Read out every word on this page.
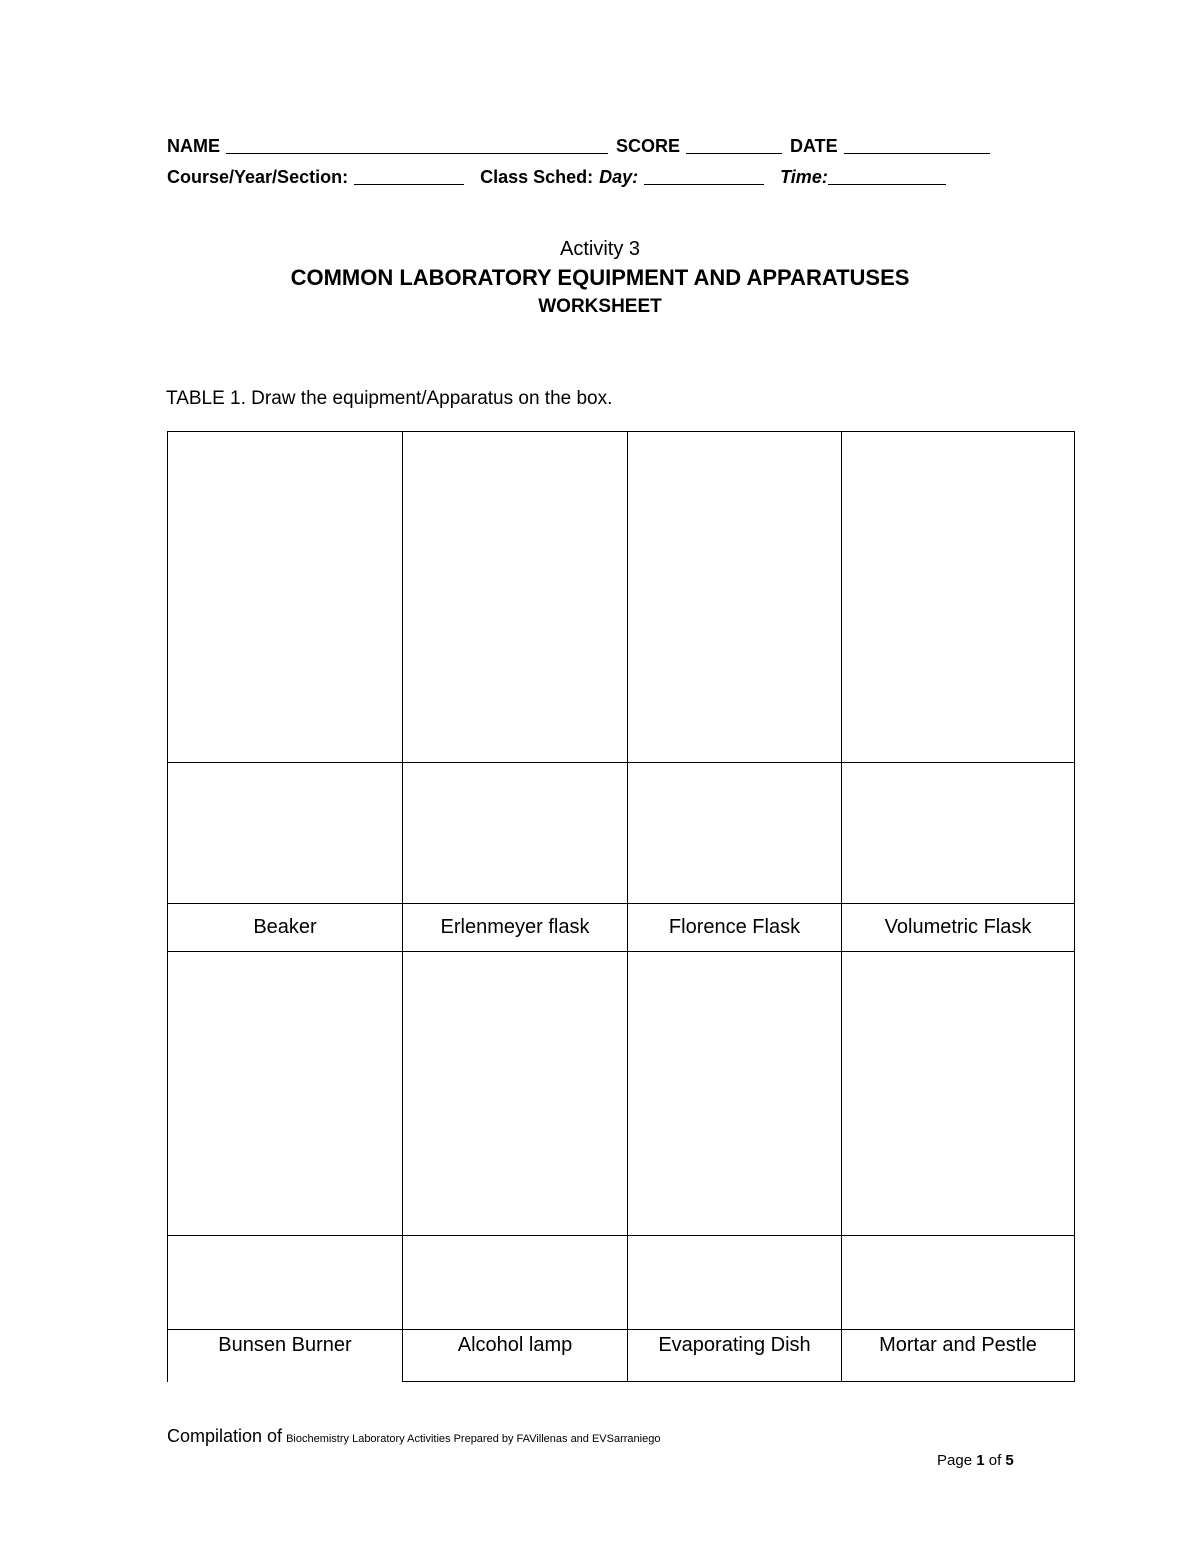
NAME	SCORE	DATE
Course/Year/Section:	Class Sched: Day:	Time:
Activity 3
COMMON LABORATORY EQUIPMENT AND APPARATUSES
WORKSHEET
TABLE 1. Draw the equipment/Apparatus on the box.

Beaker	Erlenmeyer flask	Florence Flask	Volumetric Flask

Bunsen Burner	Alcohol lamp	Evaporating Dish	Mortar and Pestle
Compilation of Biochemistry Laboratory Activities Prepared by FAVillenas and EVSarraniego
Page 1 of 5
